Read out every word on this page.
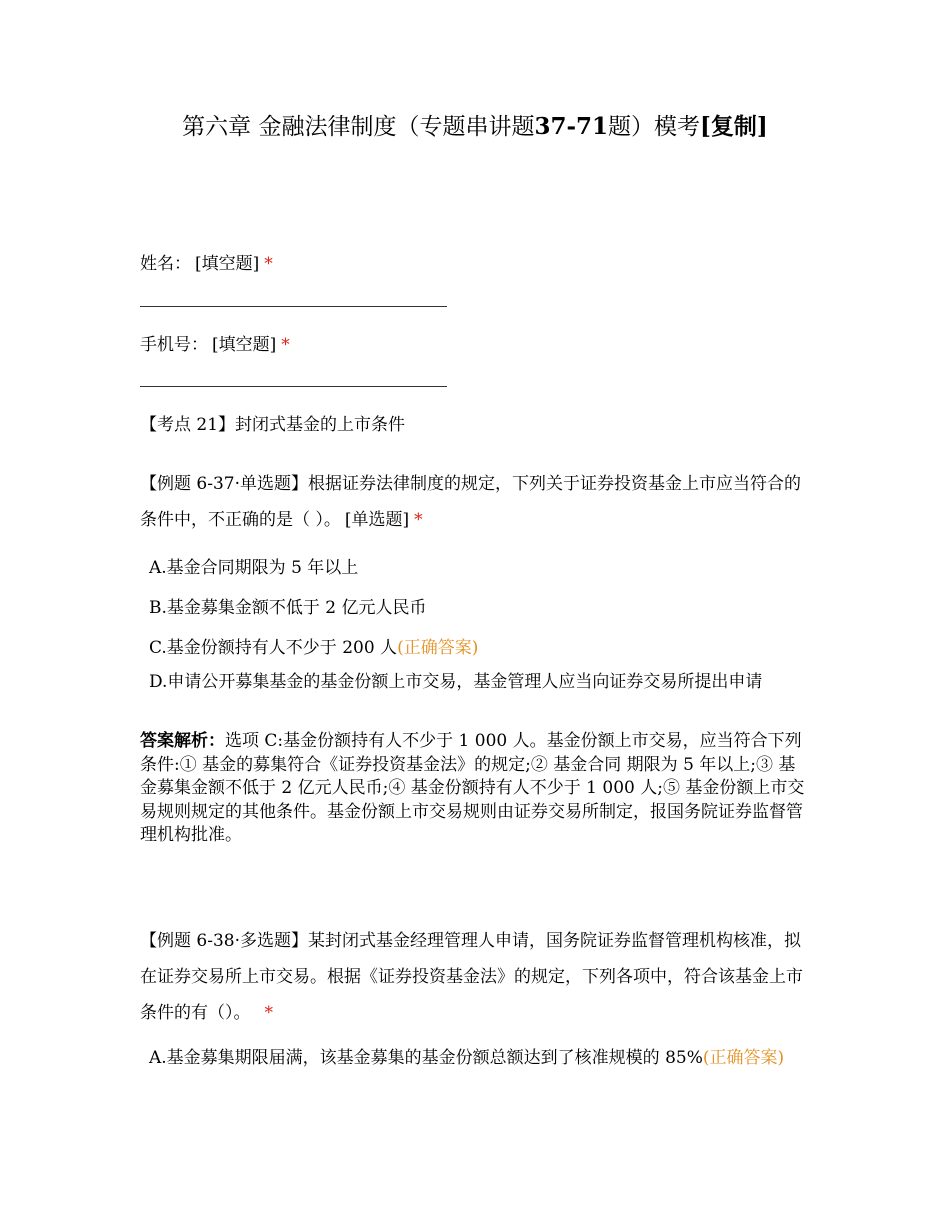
第六章 金融法律制度（专题串讲题37-71题）模考[复制]
姓名： [填空题] *
手机号： [填空题] *
【考点 21】封闭式基金的上市条件
【例题 6-37·单选题】根据证券法律制度的规定，下列关于证券投资基金上市应当符合的条件中，不正确的是（ ）。 [单选题] *
A.基金合同期限为 5 年以上
B.基金募集金额不低于 2 亿元人民币
C.基金份额持有人不少于 200 人(正确答案)
D.申请公开募集基金的基金份额上市交易，基金管理人应当向证券交易所提出申请
答案解析：选项 C:基金份额持有人不少于 1 000 人。基金份额上市交易，应当符合下列条件:① 基金的募集符合《证券投资基金法》的规定;② 基金合同 期限为 5 年以上;③ 基金募集金额不低于 2 亿元人民币;④ 基金份额持有人不少于 1 000 人;⑤ 基金份额上市交易规则规定的其他条件。基金份额上市交易规则由证券交易所制定，报国务院证券监督管理机构批准。
【例题 6-38·多选题】某封闭式基金经理管理人申请，国务院证券监督管理机构核准，拟在证券交易所上市交易。根据《证券投资基金法》的规定，下列各项中，符合该基金上市条件的有（）。 *
A.基金募集期限届满，该基金募集的基金份额总额达到了核准规模的 85%(正确答案)
